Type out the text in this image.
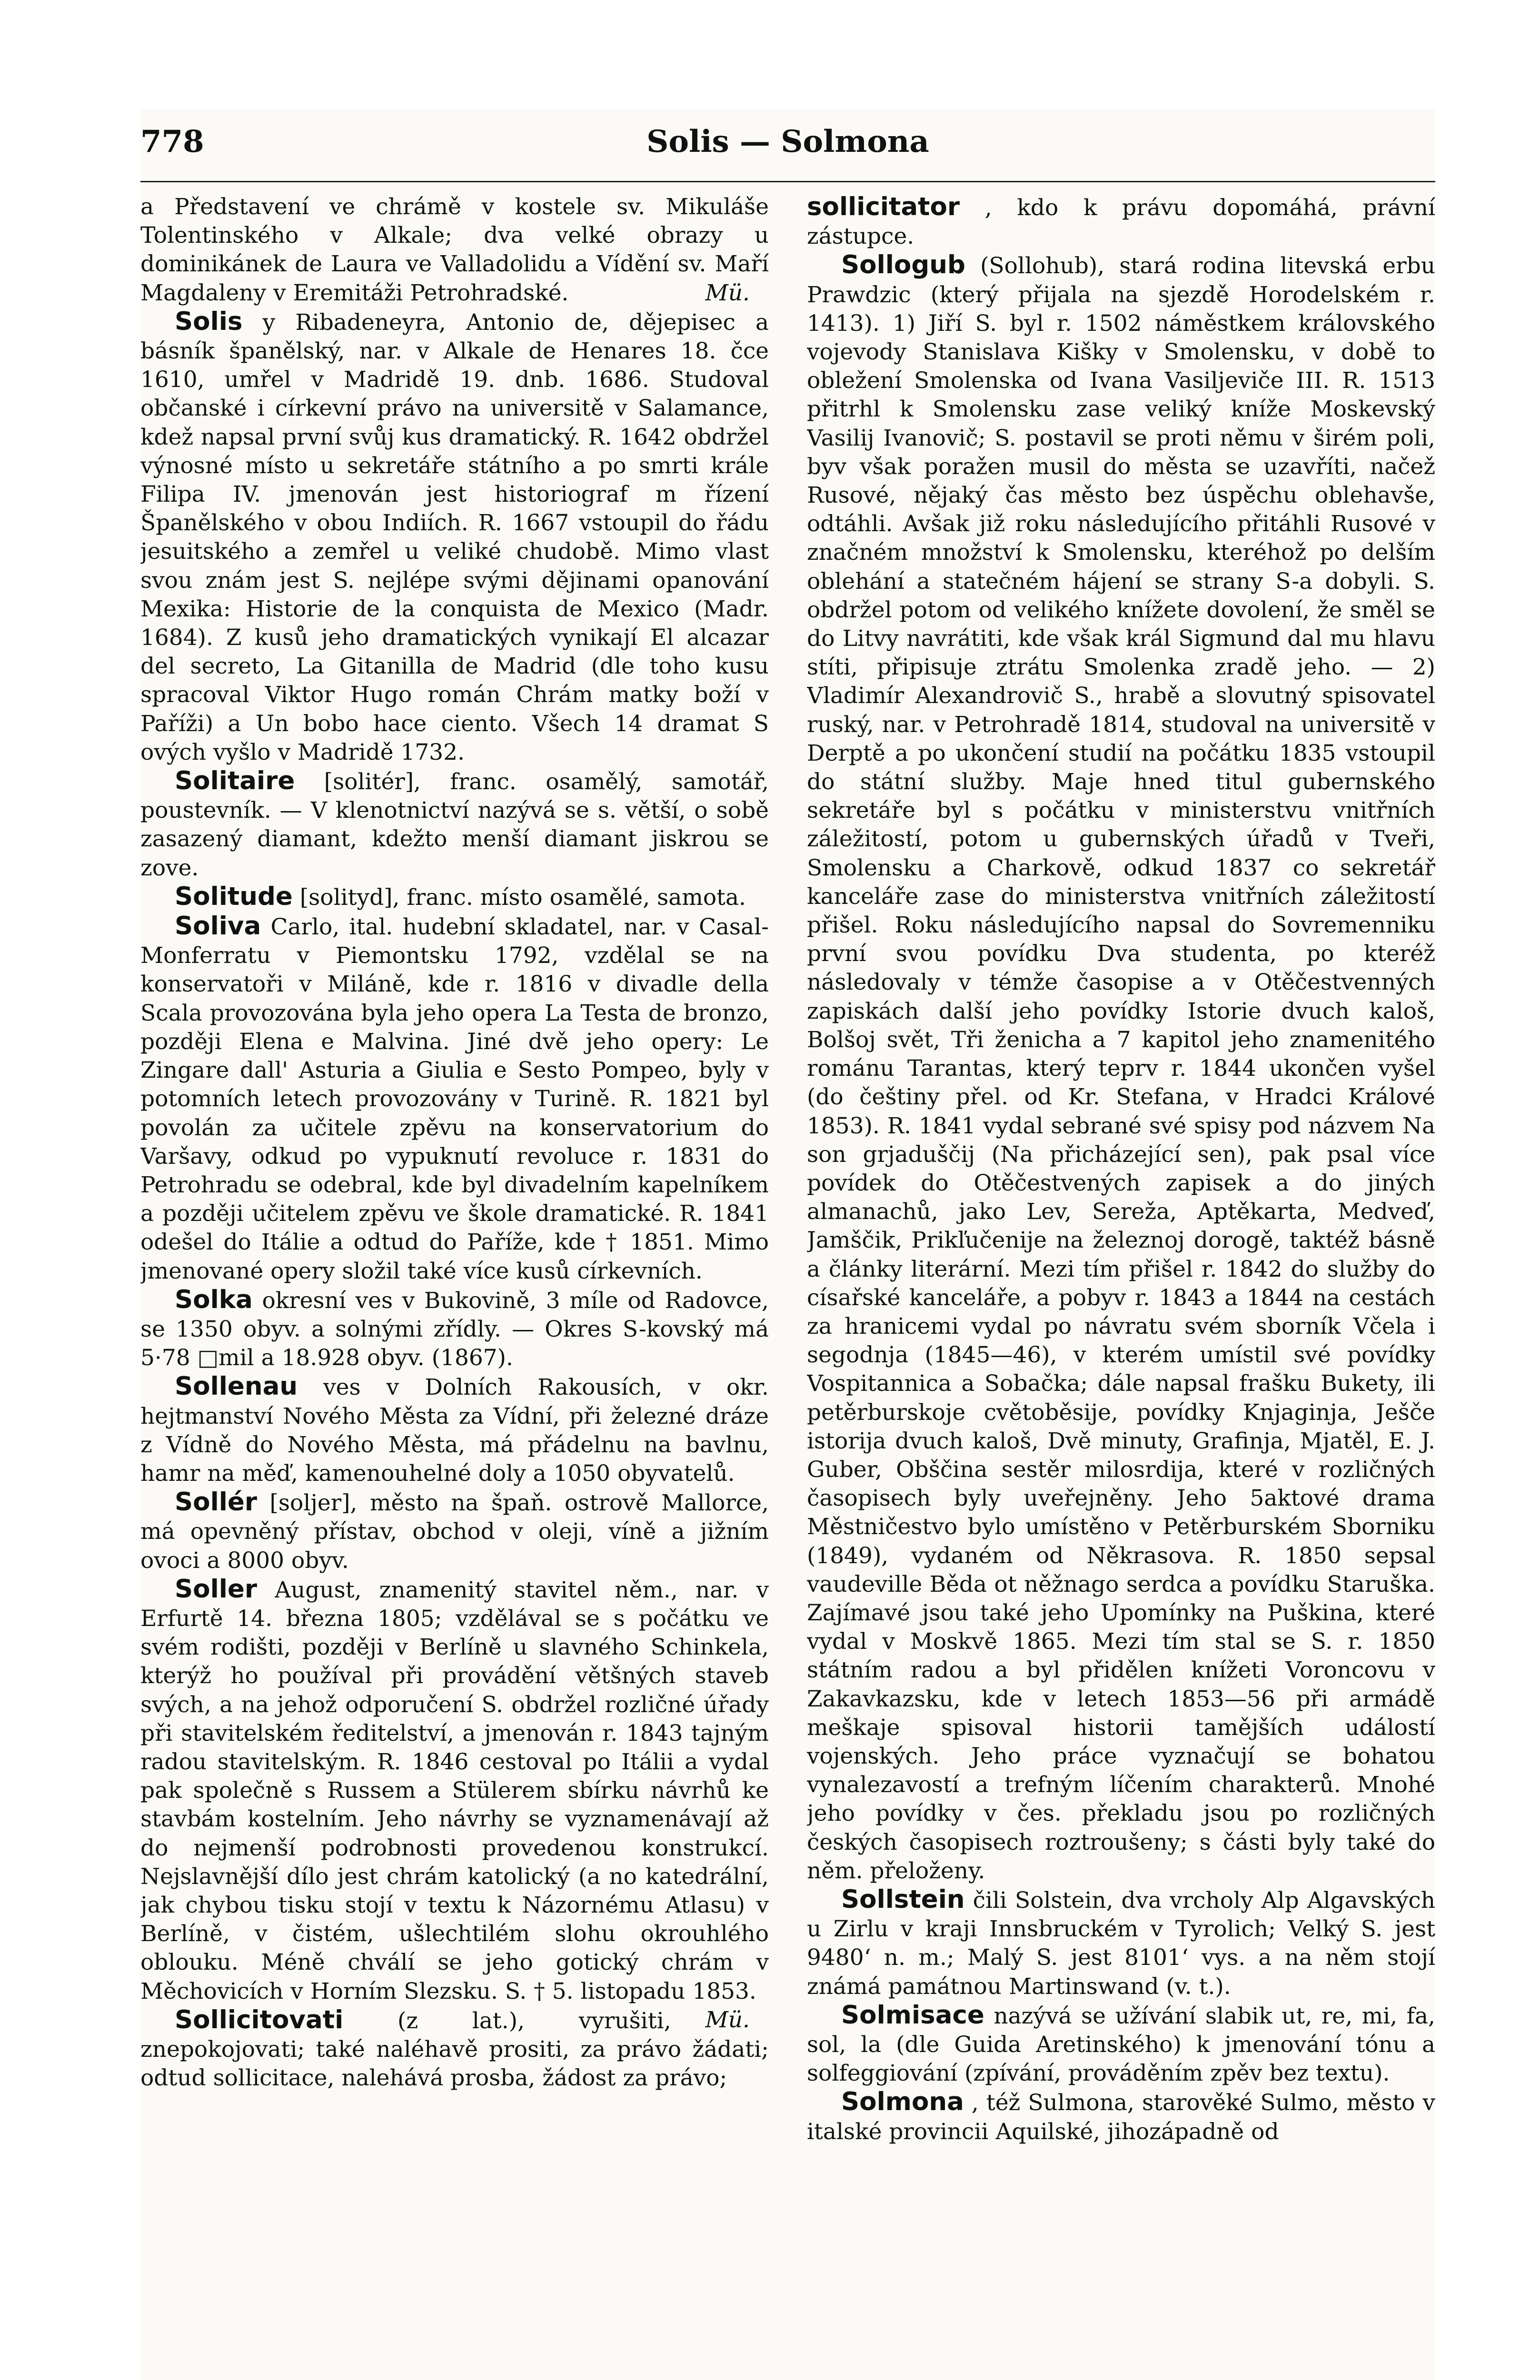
778	Solis — Solmona

a Představení ve chrámě v kostele sv. Mikuláše Tolentinského v Alkale; dva velké obrazy u dominikánek de Laura ve Valladolidu a Vídění sv. Maří Magdaleny v Eremitáži Petrohradské.	Mü.

Solis y Ribadeneyra, Antonio de, dějepisec a básník španělský, nar. v Alkale de Henares 18. čce 1610, umřel v Madridě 19. dnb. 1686. Studoval občanské i církevní právo na universitě v Salamance, kdež napsal první svůj kus dramatický. R. 1642 obdržel výnosné místo u sekretáře státního a po smrti krále Filipa IV. jmenován jest historiograf m řízení Španělského v obou Indiích. R. 1667 vstoupil do řádu jesuitského a zemřel u veliké chudobě. Mimo vlast svou znám jest S. nejlépe svými dějinami opanování Mexika: Historie de la conquista de Mexico (Madr. 1684). Z kusů jeho dramatických vynikají El alcazar del secreto, La Gitanilla de Madrid (dle toho kusu spracoval Viktor Hugo román Chrám matky boží v Paříži) a Un bobo hace ciento. Všech 14 dramat S ových vyšlo v Madridě 1732.

Solitaire [solitér], franc. osamělý, samotář, poustevník. — V klenotnictví nazývá se s. větší, o sobě zasazený diamant, kdežto menší diamant jiskrou se zove.

Solitude [solityd], franc. místo osamělé, samota.

Soliva Carlo, ital. hudební skladatel, nar. v Casal-Monferratu v Piemontsku 1792, vzdělal se na konservatoři v Miláně, kde r. 1816 v divadle della Scala provozována byla jeho opera La Testa de bronzo, později Elena e Malvina. Jiné dvě jeho opery: Le Zingare dall' Asturia a Giulia e Sesto Pompeo, byly v potomních letech provozovány v Turině. R. 1821 byl povolán za učitele zpěvu na konservatorium do Varšavy, odkud po vypuknutí revoluce r. 1831 do Petrohradu se odebral, kde byl divadelním kapelníkem a později učitelem zpěvu ve škole dramatické. R. 1841 odešel do Itálie a odtud do Paříže, kde † 1851. Mimo jmenované opery složil také více kusů církevních.

Solka okresní ves v Bukovině, 3 míle od Radovce, se 1350 obyv. a solnými zřídly. — Okres S-kovský má 5·78 □mil a 18.928 obyv. (1867).

Sollenau ves v Dolních Rakousích, v okr. hejtmanství Nového Města za Vídní, při železné dráze z Vídně do Nového Města, má přádelnu na bavlnu, hamr na měď, kamenouhelné doly a 1050 obyvatelů.

Sollér [soljer], město na špaň. ostrově Mallorce, má opevněný přístav, obchod v oleji, víně a jižním ovoci a 8000 obyv.

Soller August, znamenitý stavitel něm., nar. v Erfurtě 14. března 1805; vzdělával se s počátku ve svém rodišti, později v Berlíně u slavného Schinkela, kterýž ho používal při provádění většných staveb svých, a na jehož odporučení S. obdržel rozličné úřady při stavitelském ředitelství, a jmenován r. 1843 tajným radou stavitelským. R. 1846 cestoval po Itálii a vydal pak společně s Russem a Stülerem sbírku návrhů ke stavbám kostelním. Jeho návrhy se vyznamenávají až do nejmenší podrobnosti provedenou konstrukcí. Nejslavnější dílo jest chrám katolický (a no katedrální, jak chybou tisku stojí v textu k Názornému Atlasu) v Berlíně, v čistém, ušlechtilém slohu okrouhlého oblouku. Méně chválí se jeho gotický chrám v Měchovicích v Horním Slezsku. S. † 5. listopadu 1853.
Mü.

Sollicitovati (z lat.), vyrušiti, znepokojovati; také naléhavě prositi, za právo žádati; odtud sollicitace, nalehává prosba, žádost za právo;

sollicitator , kdo k právu dopomáhá, právní zástupce.

Sollogub (Sollohub), stará rodina litevská erbu Prawdzic (který přijala na sjezdě Horodelském r. 1413). 1) Jiří S. byl r. 1502 náměstkem královského vojevody Stanislava Kišky v Smolensku, v době to obležení Smolenska od Ivana Vasiljeviče III. R. 1513 přitrhl k Smolensku zase veliký kníže Moskevský Vasilij Ivanovič; S. postavil se proti němu v širém poli, byv však poražen musil do města se uzavříti, načež Rusové, nějaký čas město bez úspěchu oblehavše, odtáhli. Avšak již roku následujícího přitáhli Rusové v značném množství k Smolensku, kteréhož po delším oblehání a statečném hájení se strany S-a dobyli. S. obdržel potom od velikého knížete dovolení, že směl se do Litvy navrátiti, kde však král Sigmund dal mu hlavu stíti, připisuje ztrátu Smolenka zradě jeho. — 2) Vladimír Alexandrovič S., hrabě a slovutný spisovatel ruský, nar. v Petrohradě 1814, studoval na universitě v Derptě a po ukončení studií na počátku 1835 vstoupil do státní služby. Maje hned titul gubernského sekretáře byl s počátku v ministerstvu vnitřních záležitostí, potom u gubernských úřadů v Tveři, Smolensku a Charkově, odkud 1837 co sekretář kanceláře zase do ministerstva vnitřních záležitostí přišel. Roku následujícího napsal do Sovremenniku první svou povídku Dva studenta, po kteréž následovaly v témže časopise a v Otěčestvenných zapiskách další jeho povídky Istorie dvuch kaloš, Bolšoj svět, Tři ženicha a 7 kapitol jeho znamenitého románu Tarantas, který teprv r. 1844 ukončen vyšel (do češtiny přel. od Kr. Stefana, v Hradci Králové 1853). R. 1841 vydal sebrané své spisy pod názvem Na son grjaduščij (Na přicházející sen), pak psal více povídek do Otěčestvených zapisek a do jiných almanachů, jako Lev, Sereža, Aptěkarta, Medveď, Jamščik, Prikľučenije na železnoj dorogě, taktéž básně a články literární. Mezi tím přišel r. 1842 do služby do císařské kanceláře, a pobyv r. 1843 a 1844 na cestách za hranicemi vydal po návratu svém sborník Včela i segodnja (1845—46), v kterém umístil své povídky Vospitannica a Sobačka; dále napsal frašku Bukety, ili petěrburskoje cvětoběsije, povídky Knjaginja, Ješče istorija dvuch kaloš, Dvě minuty, Grafinja, Mjatěl, E. J. Guber, Obščina sestěr milosrdija, které v rozličných časopisech byly uveřejněny. Jeho 5aktové drama Městničestvo bylo umístěno v Petěrburském Sborniku (1849), vydaném od Někrasova. R. 1850 sepsal vaudeville Běda ot něžnago serdca a povídku Staruška. Zajímavé jsou také jeho Upomínky na Puškina, které vydal v Moskvě 1865. Mezi tím stal se S. r. 1850 státním radou a byl přidělen knížeti Voroncovu v Zakavkazsku, kde v letech 1853—56 při armádě meškaje spisoval historii tamějších událostí vojenských. Jeho práce vyznačují se bohatou vynalezavostí a trefným líčením charakterů. Mnohé jeho povídky v čes. překladu jsou po rozličných českých časopisech roztroušeny; s části byly také do něm. přeloženy.

Sollstein čili Solstein, dva vrcholy Alp Algavských u Zirlu v kraji Innsbruckém v Tyrolich; Velký S. jest 9480‘ n. m.; Malý S. jest 8101‘ vys. a na něm stojí známá památnou Martinswand (v. t.).

Solmisace nazývá se užívání slabik ut, re, mi, fa, sol, la (dle Guida Aretinského) k jmenování tónu a solfeggiování (zpívání, prováděním zpěv bez textu).

Solmona , též Sulmona, starověké Sulmo, město v italské provincii Aquilské, jihozápadně od
